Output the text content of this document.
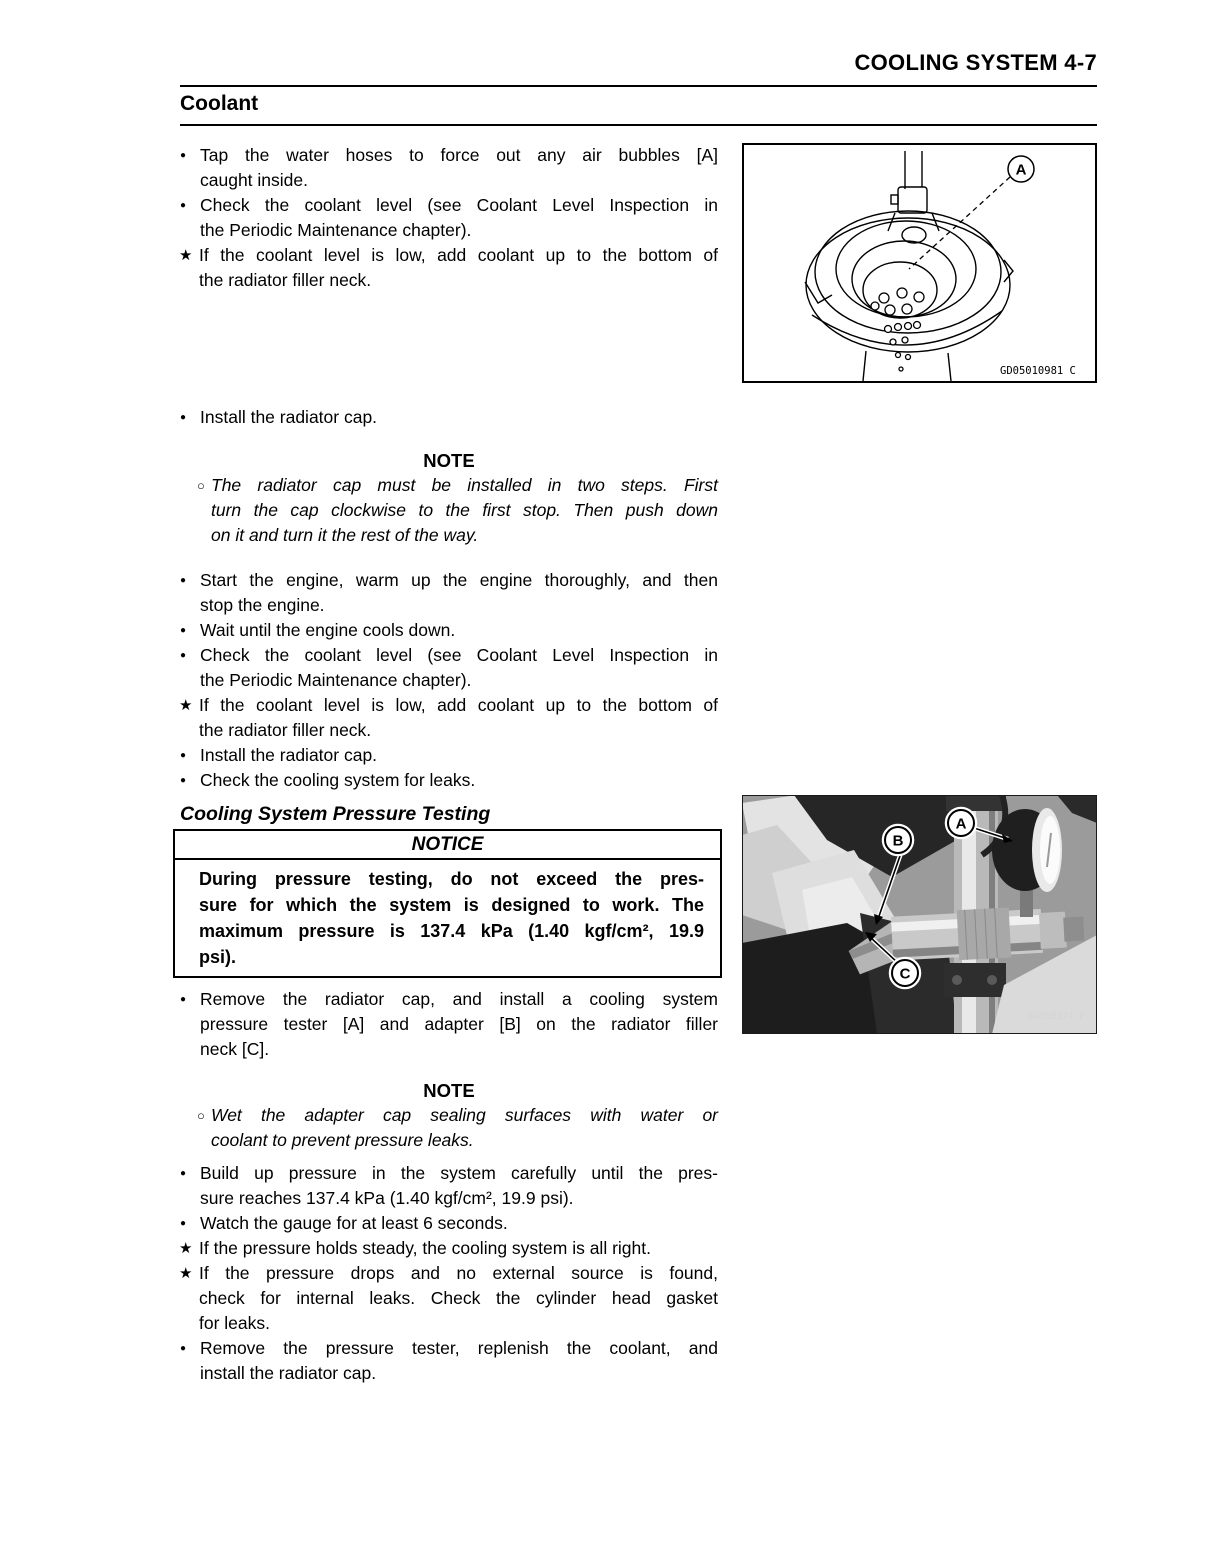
COOLING SYSTEM 4-7
Coolant
● Tap the water hoses to force out any air bubbles [A]
caught inside.
● Check the coolant level (see Coolant Level Inspection in
the Periodic Maintenance chapter).
★ If the coolant level is low, add coolant up to the bottom of
the radiator filler neck.
● Install the radiator cap.
NOTE
○ The radiator cap must be installed in two steps. First
turn the cap clockwise to the first stop. Then push down
on it and turn it the rest of the way.
● Start the engine, warm up the engine thoroughly, and then
stop the engine.
● Wait until the engine cools down.
● Check the coolant level (see Coolant Level Inspection in
the Periodic Maintenance chapter).
★ If the coolant level is low, add coolant up to the bottom of
the radiator filler neck.
● Install the radiator cap.
● Check the cooling system for leaks.
Cooling System Pressure Testing
NOTICE
During pressure testing, do not exceed the pres-
sure for which the system is designed to work. The
maximum pressure is 137.4 kPa (1.40 kgf/cm², 19.9
psi).
● Remove the radiator cap, and install a cooling system
pressure tester [A] and adapter [B] on the radiator filler
neck [C].
NOTE
○ Wet the adapter cap sealing surfaces with water or
coolant to prevent pressure leaks.
● Build up pressure in the system carefully until the pres-
sure reaches 137.4 kPa (1.40 kgf/cm², 19.9 psi).
● Watch the gauge for at least 6 seconds.
★ If the pressure holds steady, the cooling system is all right.
★ If the pressure drops and no external source is found,
check for internal leaks. Check the cylinder head gasket
for leaks.
● Remove the pressure tester, replenish the coolant, and
install the radiator cap.
A
GD05010981 C
A
B
C
GD05B174 P
